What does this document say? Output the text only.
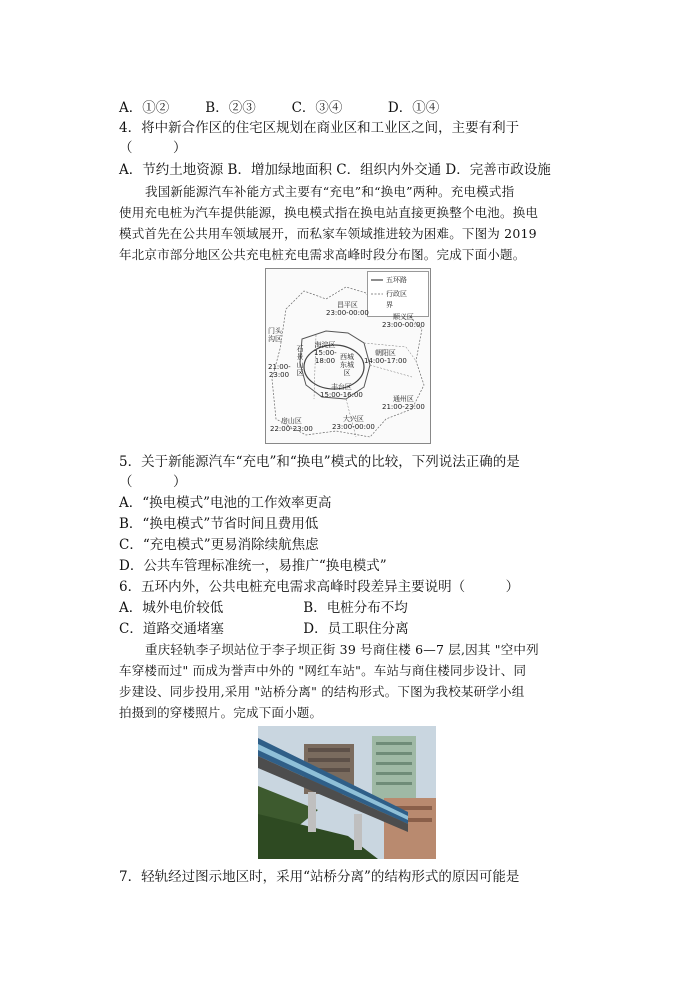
A．①②	B．②③	C．③④	D．①④
4．将中新合作区的住宅区规划在商业区和工业区之间，主要有利于
（　　　）
A．节约土地资源 B．增加绿地面积 C．组织内外交通 D．完善市政设施
我国新能源汽车补能方式主要有“充电”和“换电”两种。充电模式指
使用充电桩为汽车提供能源，换电模式指在换电站直接更换整个电池。换电
模式首先在公共用车领域展开，而私家车领域推进较为困难。下图为 2019
年北京市部分地区公共充电桩充电需求高峰时段分布图。完成下面小题。
五环路
行政区
界
昌平区
23:00-00:00	顺义区
23:00-00:00
门头沟区
21:00-23:00
石景山区
海淀区
15:00-18:00 西城东城区
朝阳区
14:00-17:00
丰台区
15:00-16:00	通州区
21:00-23:00
房山区
22:00-23:00
大兴区
23:00-00:00
5．关于新能源汽车“充电”和“换电”模式的比较，下列说法正确的是
（　　　）
A．“换电模式”电池的工作效率更高
B．“换电模式”节省时间且费用低
C．“充电模式”更易消除续航焦虑
D．公共车管理标准统一，易推广“换电模式”
6．五环内外，公共电桩充电需求高峰时段差异主要说明（　　　）
A．城外电价较低	B．电桩分布不均
C．道路交通堵塞	D．员工职住分离
重庆轻轨李子坝站位于李子坝正街 39 号商住楼 6—7 层,因其 "空中列
车穿楼而过" 而成为誉声中外的 "网红车站"。车站与商住楼同步设计、同
步建设、同步投用,采用 "站桥分离" 的结构形式。下图为我校某研学小组
拍摄到的穿楼照片。完成下面小题。
7．轻轨经过图示地区时，采用“站桥分离”的结构形式的原因可能是
